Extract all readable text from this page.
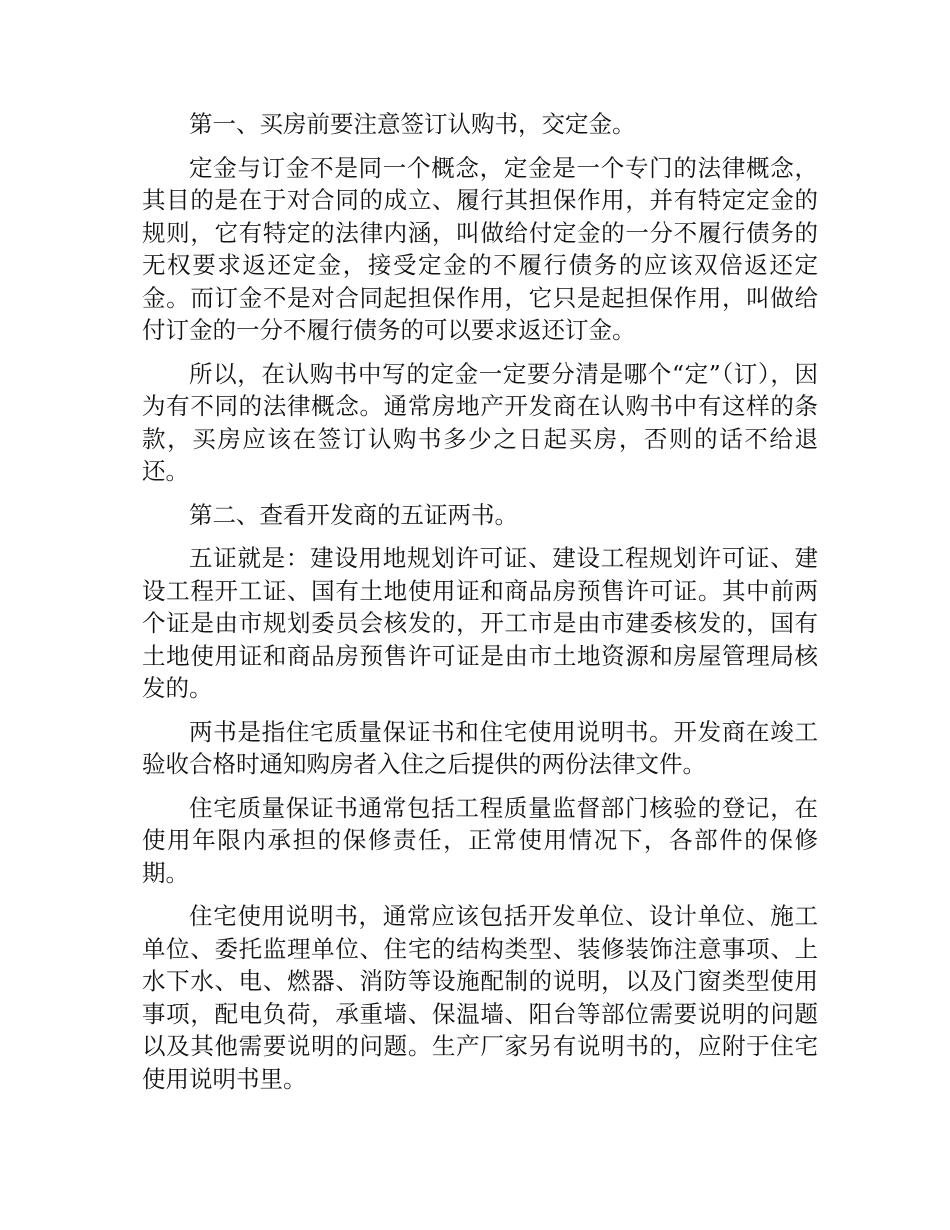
第一、买房前要注意签订认购书，交定金。

定金与订金不是同一个概念，定金是一个专门的法律概念，其目的是在于对合同的成立、履行其担保作用，并有特定定金的规则，它有特定的法律内涵，叫做给付定金的一分不履行债务的无权要求返还定金，接受定金的不履行债务的应该双倍返还定金。而订金不是对合同起担保作用，它只是起担保作用，叫做给付订金的一分不履行债务的可以要求返还订金。

所以，在认购书中写的定金一定要分清是哪个“定”（订），因为有不同的法律概念。通常房地产开发商在认购书中有这样的条款，买房应该在签订认购书多少之日起买房，否则的话不给退还。

第二、查看开发商的五证两书。

五证就是：建设用地规划许可证、建设工程规划许可证、建设工程开工证、国有土地使用证和商品房预售许可证。其中前两个证是由市规划委员会核发的，开工市是由市建委核发的，国有土地使用证和商品房预售许可证是由市土地资源和房屋管理局核发的。

两书是指住宅质量保证书和住宅使用说明书。开发商在竣工验收合格时通知购房者入住之后提供的两份法律文件。

住宅质量保证书通常包括工程质量监督部门核验的登记，在使用年限内承担的保修责任，正常使用情况下，各部件的保修期。

住宅使用说明书，通常应该包括开发单位、设计单位、施工单位、委托监理单位、住宅的结构类型、装修装饰注意事项、上水下水、电、燃器、消防等设施配制的说明，以及门窗类型使用事项，配电负荷，承重墙、保温墙、阳台等部位需要说明的问题以及其他需要说明的问题。生产厂家另有说明书的，应附于住宅使用说明书里。
